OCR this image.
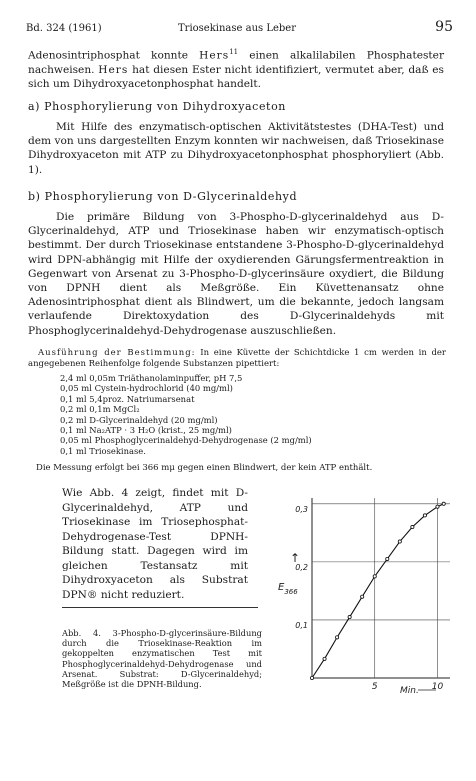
Bd. 324 (1961)	Triosekinase aus Leber	95
Adenosintriphosphat konnte Hers$^{11}$ einen alkalilabilen Phosphatester nachweisen. Hers hat diesen Ester nicht identifiziert, vermutet aber, daß es sich um Dihydroxyacetonphosphat handelt.
a) Phosphorylierung von Dihydroxyaceton
Mit Hilfe des enzymatisch-optischen Aktivitätstestes (DHA-Test) und dem von uns dargestellten Enzym konnten wir nachweisen, daß Triosekinase Dihydroxyaceton mit ATP zu Dihydroxyacetonphosphat phosphoryliert (Abb. 1).
b) Phosphorylierung von D-Glycerinaldehyd
Die primäre Bildung von 3-Phospho-D-glycerinaldehyd aus D-Glycerinaldehyd, ATP und Triosekinase haben wir enzymatisch-optisch bestimmt. Der durch Triosekinase entstandene 3-Phospho-D-glycerinaldehyd wird DPN-abhängig mit Hilfe der oxydierenden Gärungsfermentreaktion in Gegenwart von Arsenat zu 3-Phospho-D-glycerinsäure oxydiert, die Bildung von DPNH dient als Meßgröße. Ein Küvettenansatz ohne Adenosintriphosphat dient als Blindwert, um die bekannte, jedoch langsam verlaufende Direktoxydation des D-Glycerinaldehyds mit Phosphoglycerinaldehyd-Dehydrogenase auszuschließen.
Ausführung der Bestimmung: In eine Küvette der Schichtdicke 1 cm werden in der angegebenen Reihenfolge folgende Substanzen pipettiert:
2,4 ml 0,05m Triäthanolaminpuffer, pH 7,5
0,05 ml Cystein-hydrochlorid (40 mg/ml)
0,1 ml 5,4proz. Natriumarsenat
0,2 ml 0,1m MgCl₂
0,2 ml D-Glycerinaldehyd (20 mg/ml)
0,1 ml Na₂ATP · 3 H₂O (krist., 25 mg/ml)
0,05 ml Phosphoglycerinaldehyd-Dehydrogenase (2 mg/ml)
0,1 ml Triosekinase.
Die Messung erfolgt bei 366 mμ gegen einen Blindwert, der kein ATP enthält.
Wie Abb. 4 zeigt, findet mit D-Glycerinaldehyd, ATP und Triosekinase im Triosephosphat-Dehydrogenase-Test DPNH-Bildung statt. Dagegen wird im gleichen Testansatz mit Dihydroxyaceton als Substrat DPN® nicht reduziert.
Abb. 4. 3-Phospho-D-glycerinsäure-Bildung durch die Triosekinase-Reaktion im gekoppelten enzymatischen Test mit Phosphoglycerinaldehyd-Dehydrogenase und Arsenat. Substrat: D-Glycerinaldehyd; Meßgröße ist die DPNH-Bildung.
0,1
0,2
0,3
5	10
$E_{366}$
↑
Min.
